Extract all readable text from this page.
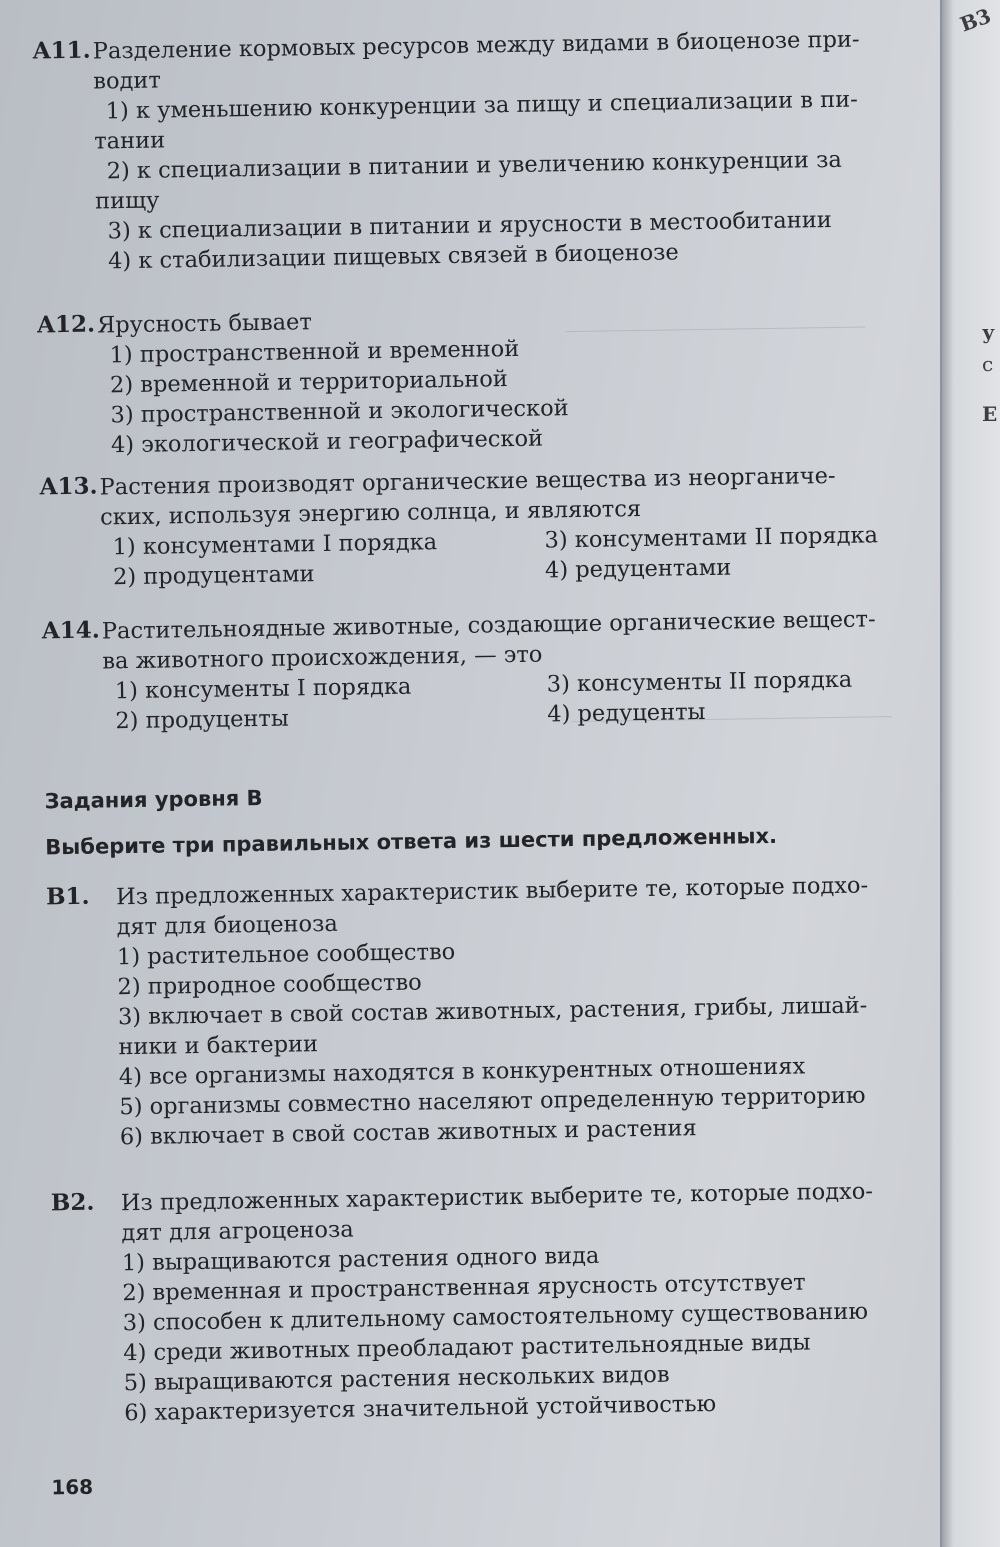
В3
у
с
Е
A11. Разделение кормовых ресурсов между видами в биоценозе при-
водит
1) к уменьшению конкуренции за пищу и специализации в пи-
тании
2) к специализации в питании и увеличению конкуренции за
пищу
3) к специализации в питании и ярусности в местообитании
4) к стабилизации пищевых связей в биоценозе
A12. Ярусность бывает
1) пространственной и временной
2) временной и территориальной
3) пространственной и экологической
4) экологической и географической
A13. Растения производят органические вещества из неорганиче-
ских, используя энергию солнца, и являются
1) консументами I порядка	3) консументами II порядка
2) продуцентами	4) редуцентами
A14. Растительноядные животные, создающие органические вещест-
ва животного происхождения, — это
1) консументы I порядка	3) консументы II порядка
2) продуценты	4) редуценты
Задания уровня B
Выберите три правильных ответа из шести предложенных.
B1. Из предложенных характеристик выберите те, которые подхо-
дят для биоценоза
1) растительное сообщество
2) природное сообщество
3) включает в свой состав животных, растения, грибы, лишай-
ники и бактерии
4) все организмы находятся в конкурентных отношениях
5) организмы совместно населяют определенную территорию
6) включает в свой состав животных и растения
B2. Из предложенных характеристик выберите те, которые подхо-
дят для агроценоза
1) выращиваются растения одного вида
2) временная и пространственная ярусность отсутствует
3) способен к длительному самостоятельному существованию
4) среди животных преобладают растительноядные виды
5) выращиваются растения нескольких видов
6) характеризуется значительной устойчивостью
168
